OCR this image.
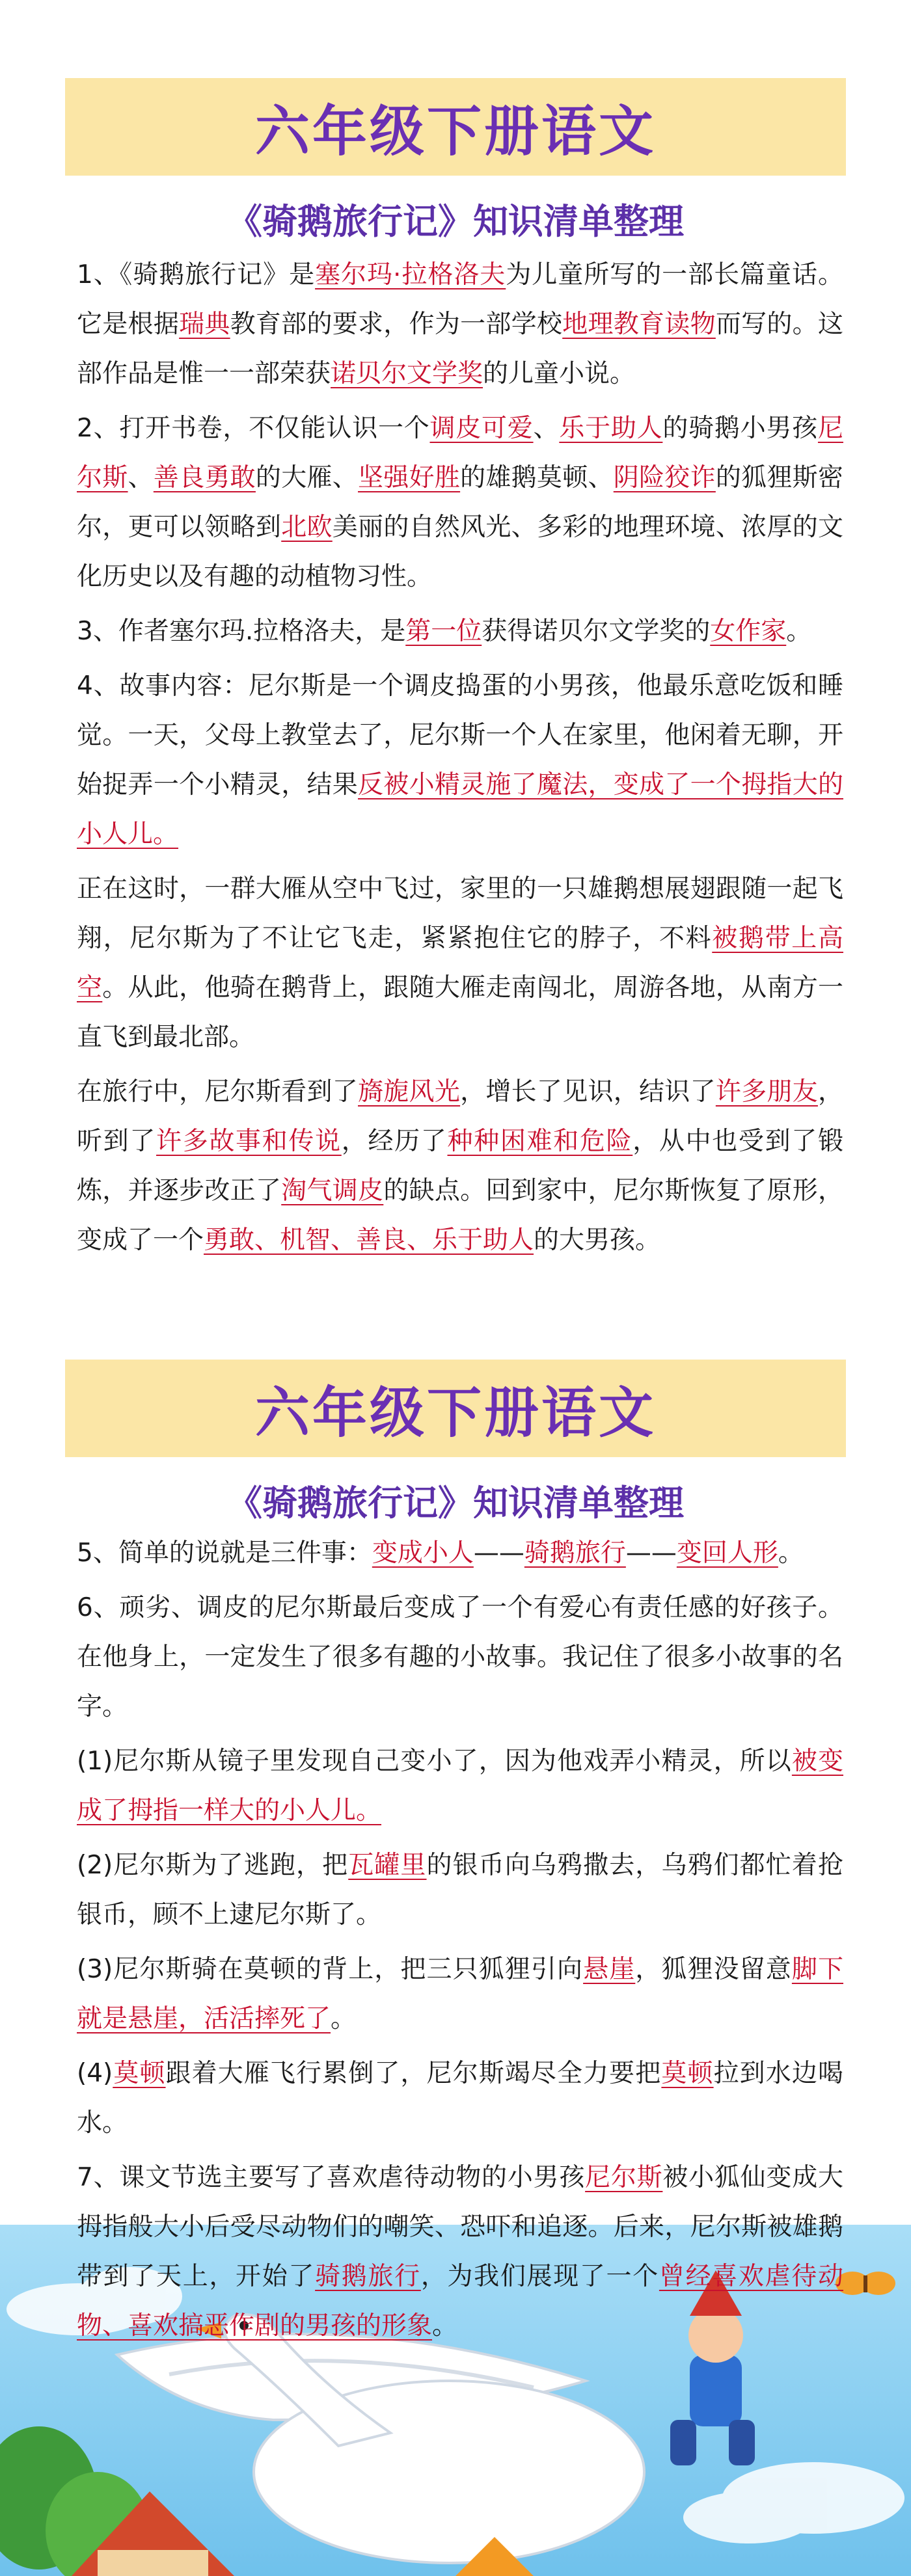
六年级下册语文
《骑鹅旅行记》知识清单整理

1、《骑鹅旅行记》是塞尔玛·拉格洛夫为儿童所写的一部长篇童话。它是根据瑞典教育部的要求，作为一部学校地理教育读物而写的。这部作品是惟一一部荣获诺贝尔文学奖的儿童小说。

2、打开书卷，不仅能认识一个调皮可爱、乐于助人的骑鹅小男孩尼尔斯、善良勇敢的大雁、坚强好胜的雄鹅莫顿、阴险狡诈的狐狸斯密尔，更可以领略到北欧美丽的自然风光、多彩的地理环境、浓厚的文化历史以及有趣的动植物习性。

3、作者塞尔玛.拉格洛夫，是第一位获得诺贝尔文学奖的女作家。

4、故事内容：尼尔斯是一个调皮捣蛋的小男孩，他最乐意吃饭和睡觉。一天，父母上教堂去了，尼尔斯一个人在家里，他闲着无聊，开始捉弄一个小精灵，结果反被小精灵施了魔法，变成了一个拇指大的小人儿。

正在这时，一群大雁从空中飞过，家里的一只雄鹅想展翅跟随一起飞翔，尼尔斯为了不让它飞走，紧紧抱住它的脖子，不料被鹅带上高空。从此，他骑在鹅背上，跟随大雁走南闯北，周游各地，从南方一直飞到最北部。

在旅行中，尼尔斯看到了旖旎风光，增长了见识，结识了许多朋友，听到了许多故事和传说，经历了种种困难和危险，从中也受到了锻炼，并逐步改正了淘气调皮的缺点。回到家中，尼尔斯恢复了原形，变成了一个勇敢、机智、善良、乐于助人的大男孩。

六年级下册语文
《骑鹅旅行记》知识清单整理

5、简单的说就是三件事：变成小人——骑鹅旅行——变回人形。

6、顽劣、调皮的尼尔斯最后变成了一个有爱心有责任感的好孩子。在他身上，一定发生了很多有趣的小故事。我记住了很多小故事的名字。

(1)尼尔斯从镜子里发现自己变小了，因为他戏弄小精灵，所以被变成了拇指一样大的小人儿。

(2)尼尔斯为了逃跑，把瓦罐里的银币向乌鸦撒去，乌鸦们都忙着抢银币，顾不上逮尼尔斯了。

(3)尼尔斯骑在莫顿的背上，把三只狐狸引向悬崖，狐狸没留意脚下就是悬崖，活活摔死了。

(4)莫顿跟着大雁飞行累倒了，尼尔斯竭尽全力要把莫顿拉到水边喝水。

7、课文节选主要写了喜欢虐待动物的小男孩尼尔斯被小狐仙变成大拇指般大小后受尽动物们的嘲笑、恐吓和追逐。后来，尼尔斯被雄鹅带到了天上，开始了骑鹅旅行，为我们展现了一个曾经喜欢虐待动物、喜欢搞恶作剧的男孩的形象。
